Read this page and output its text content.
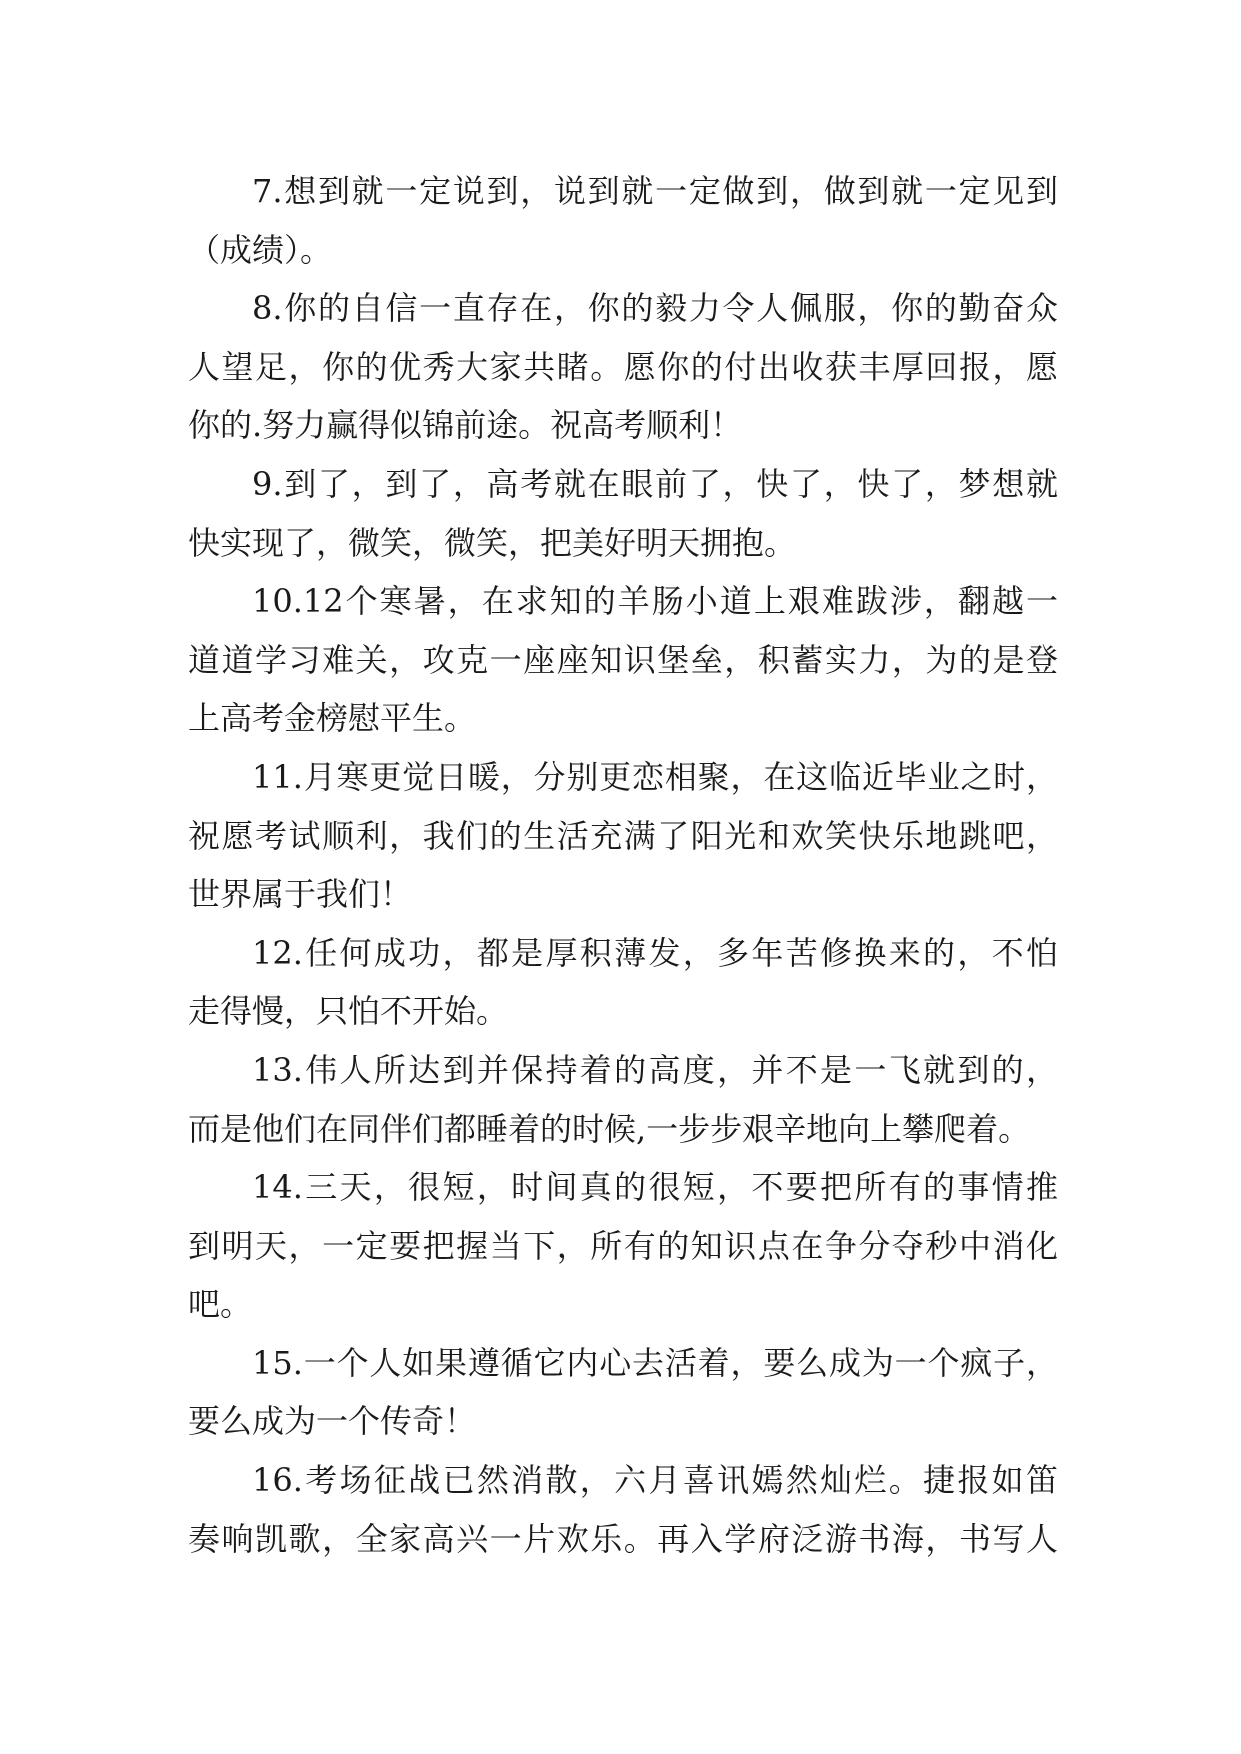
7.想到就一定说到，说到就一定做到，做到就一定见到
（成绩）。
8.你的自信一直存在，你的毅力令人佩服，你的勤奋众
人望足，你的优秀大家共睹。愿你的付出收获丰厚回报，愿
你的.努力赢得似锦前途。祝高考顺利！
9.到了，到了，高考就在眼前了，快了，快了，梦想就
快实现了，微笑，微笑，把美好明天拥抱。
10.12个寒暑，在求知的羊肠小道上艰难跋涉，翻越一
道道学习难关，攻克一座座知识堡垒，积蓄实力，为的是登
上高考金榜慰平生。
11.月寒更觉日暖，分别更恋相聚，在这临近毕业之时，
祝愿考试顺利，我们的生活充满了阳光和欢笑快乐地跳吧，
世界属于我们！
12.任何成功，都是厚积薄发，多年苦修换来的，不怕
走得慢，只怕不开始。
13.伟人所达到并保持着的高度，并不是一飞就到的，
而是他们在同伴们都睡着的时候,一步步艰辛地向上攀爬着。
14.三天，很短，时间真的很短，不要把所有的事情推
到明天，一定要把握当下，所有的知识点在争分夺秒中消化
吧。
15.一个人如果遵循它内心去活着，要么成为一个疯子，
要么成为一个传奇！
16.考场征战已然消散，六月喜讯嫣然灿烂。捷报如笛
奏响凯歌，全家高兴一片欢乐。再入学府泛游书海，书写人
